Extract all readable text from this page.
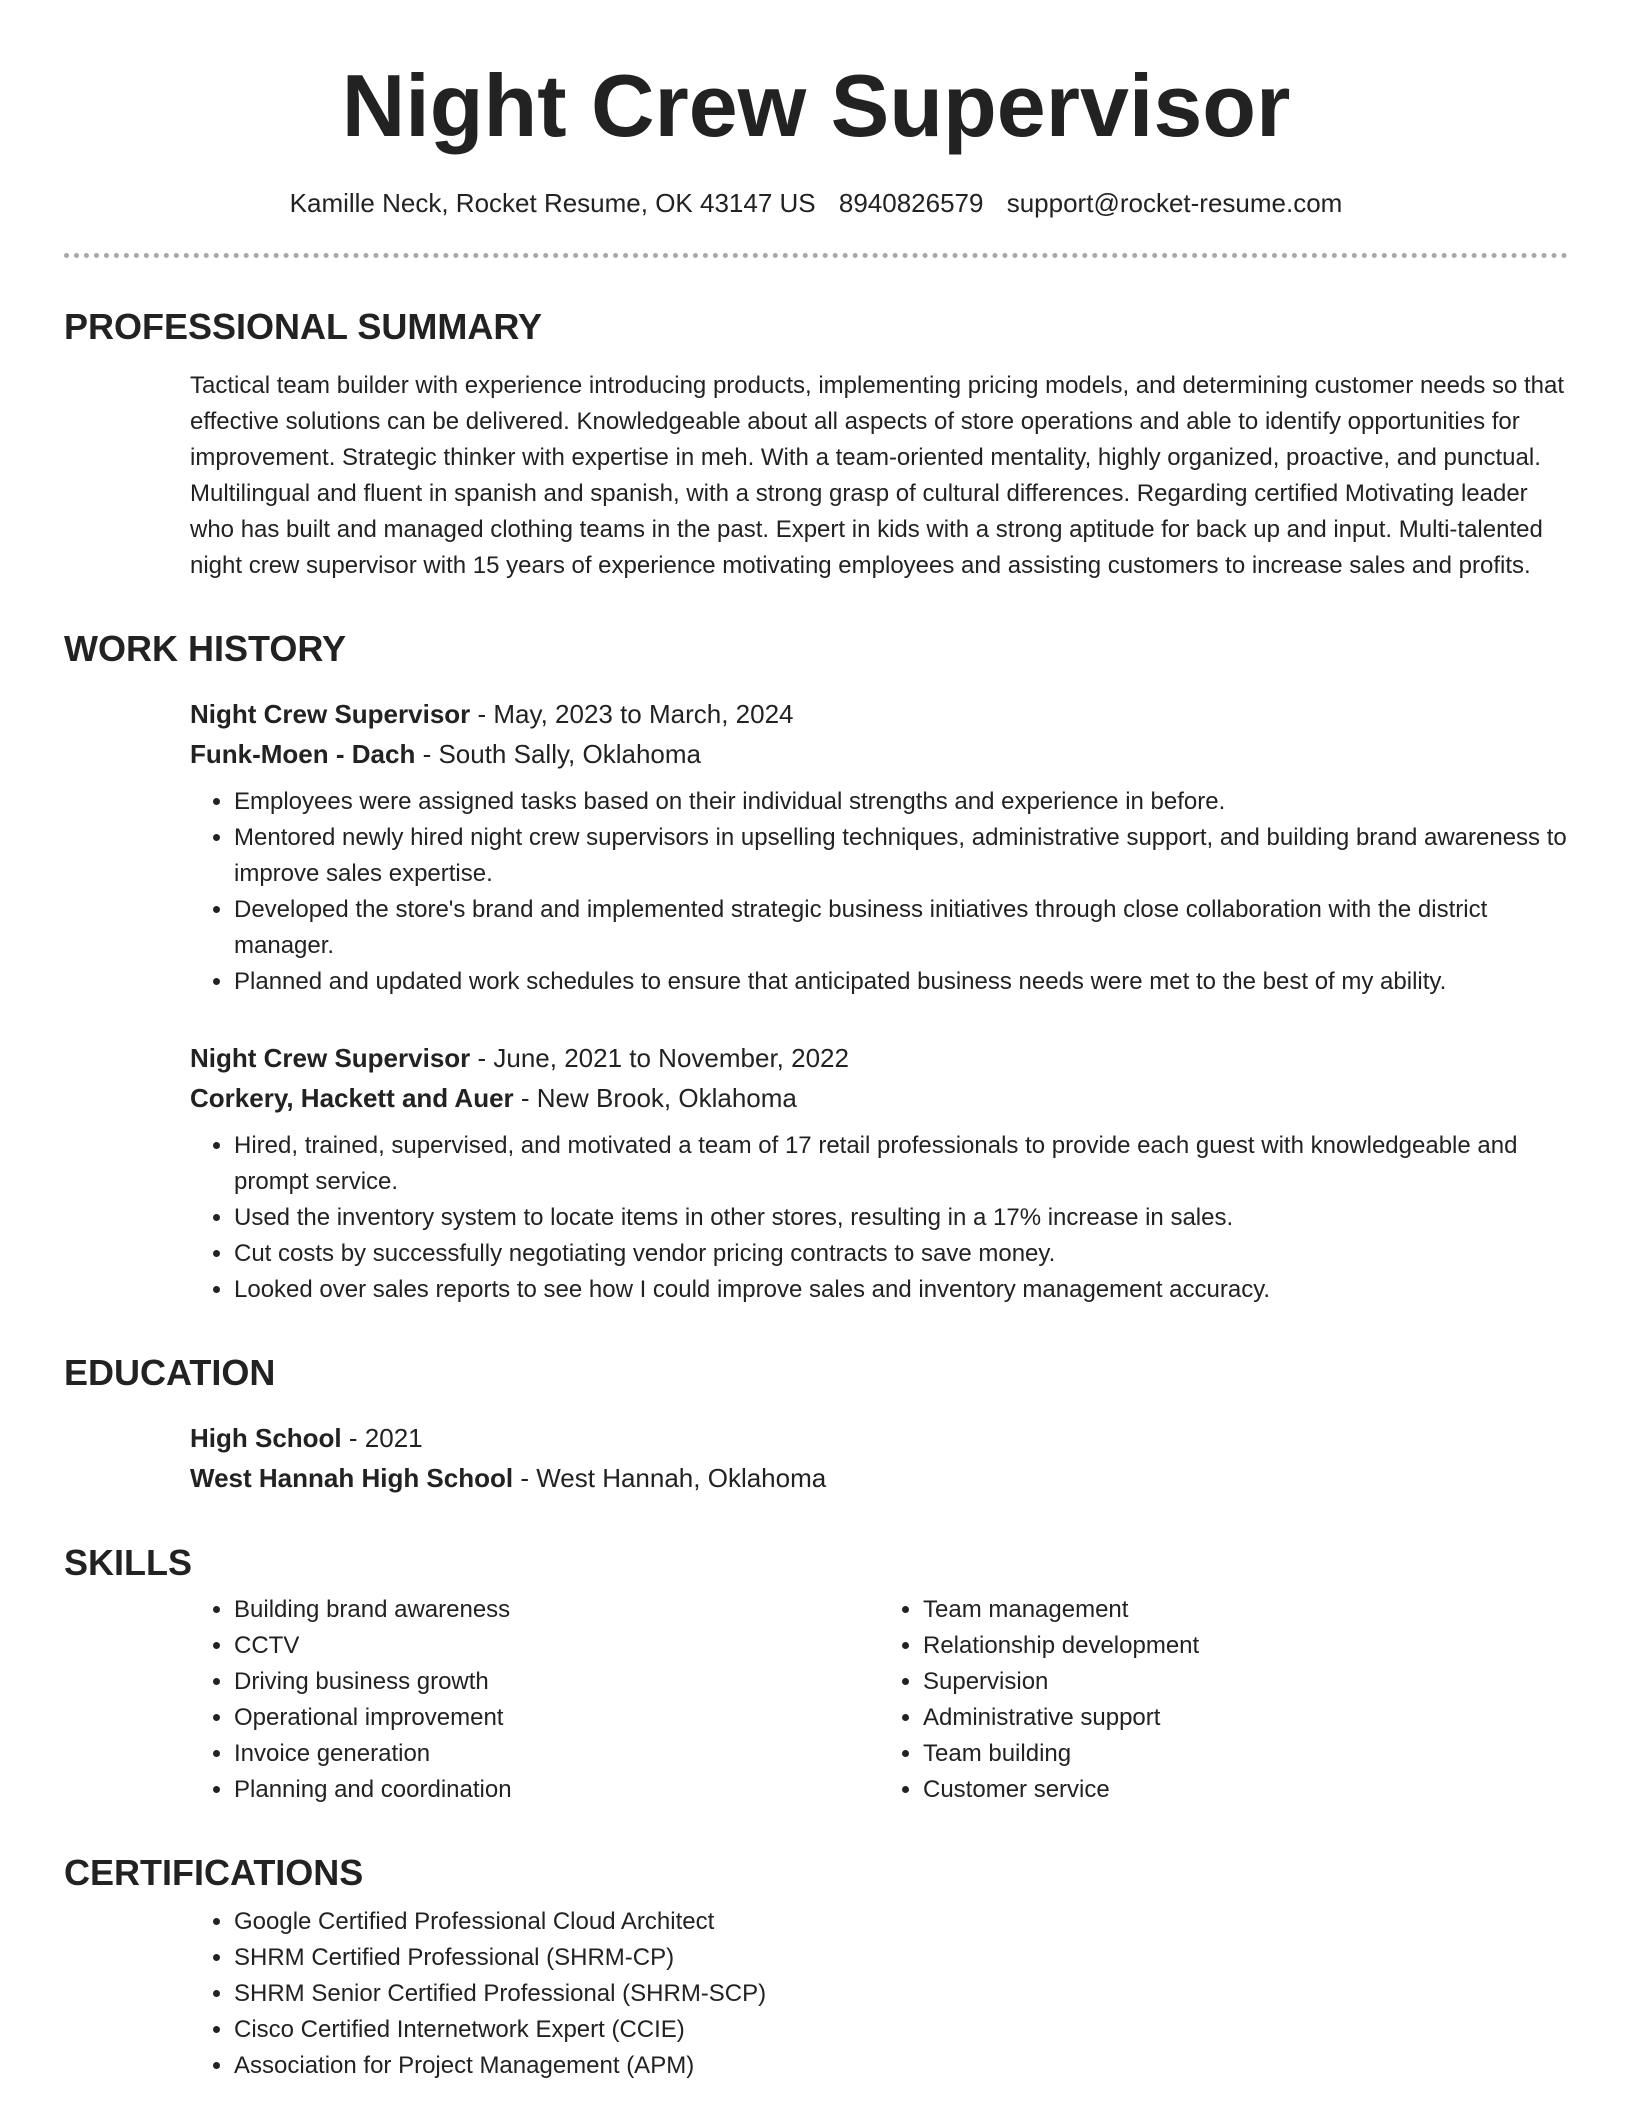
Night Crew Supervisor
Kamille Neck, Rocket Resume, OK 43147 US 8940826579 support@rocket-resume.com
PROFESSIONAL SUMMARY
Tactical team builder with experience introducing products, implementing pricing models, and determining customer needs so that effective solutions can be delivered. Knowledgeable about all aspects of store operations and able to identify opportunities for improvement. Strategic thinker with expertise in meh. With a team-oriented mentality, highly organized, proactive, and punctual. Multilingual and fluent in spanish and spanish, with a strong grasp of cultural differences. Regarding certified Motivating leader who has built and managed clothing teams in the past. Expert in kids with a strong aptitude for back up and input. Multi-talented night crew supervisor with 15 years of experience motivating employees and assisting customers to increase sales and profits.
WORK HISTORY
Night Crew Supervisor - May, 2023 to March, 2024
Funk-Moen - Dach - South Sally, Oklahoma
• Employees were assigned tasks based on their individual strengths and experience in before.
• Mentored newly hired night crew supervisors in upselling techniques, administrative support, and building brand awareness to improve sales expertise.
• Developed the store's brand and implemented strategic business initiatives through close collaboration with the district manager.
• Planned and updated work schedules to ensure that anticipated business needs were met to the best of my ability.
Night Crew Supervisor - June, 2021 to November, 2022
Corkery, Hackett and Auer - New Brook, Oklahoma
• Hired, trained, supervised, and motivated a team of 17 retail professionals to provide each guest with knowledgeable and prompt service.
• Used the inventory system to locate items in other stores, resulting in a 17% increase in sales.
• Cut costs by successfully negotiating vendor pricing contracts to save money.
• Looked over sales reports to see how I could improve sales and inventory management accuracy.
EDUCATION
High School - 2021
West Hannah High School - West Hannah, Oklahoma
SKILLS
• Building brand awareness
• CCTV
• Driving business growth
• Operational improvement
• Invoice generation
• Planning and coordination
• Team management
• Relationship development
• Supervision
• Administrative support
• Team building
• Customer service
CERTIFICATIONS
• Google Certified Professional Cloud Architect
• SHRM Certified Professional (SHRM-CP)
• SHRM Senior Certified Professional (SHRM-SCP)
• Cisco Certified Internetwork Expert (CCIE)
• Association for Project Management (APM)
